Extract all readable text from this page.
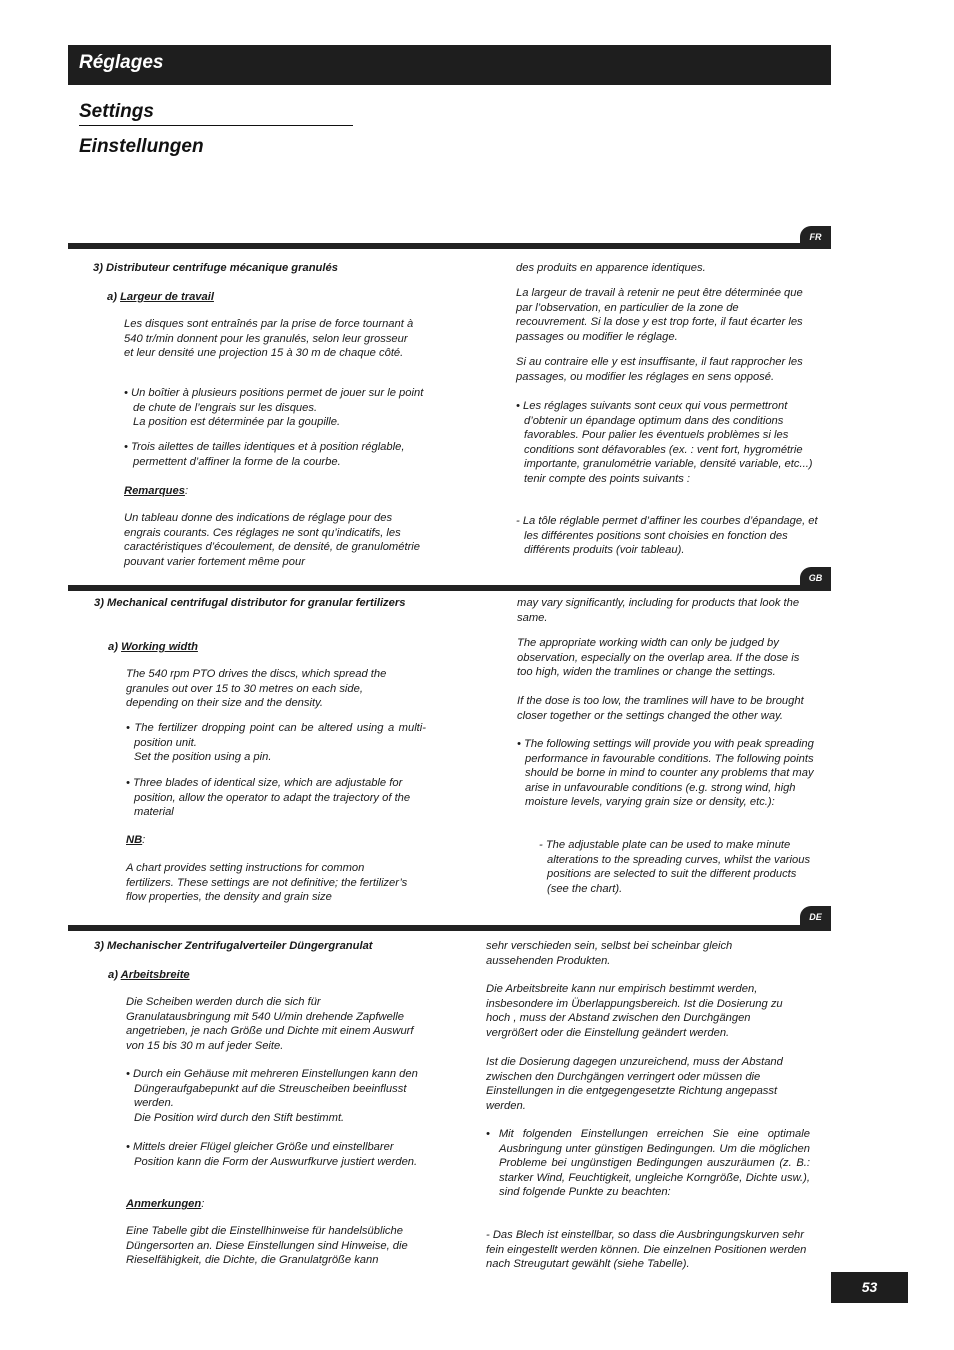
Réglages
Settings
Einstellungen
FR

3) Distributeur centrifuge mécanique granulés

a) Largeur de travail

Les disques sont entraînés par la prise de force tournant à 540 tr/min donnent pour les granulés, selon leur grosseur et leur densité une projection 15 à 30 m de chaque côté.

• Un boîtier à plusieurs positions permet de jouer sur le point de chute de l’engrais sur les disques.

La position est déterminée par la goupille.

• Trois ailettes de tailles identiques et à position réglable, permettent d’affiner la forme de la courbe.

Remarques:

Un tableau donne des indications de réglage pour des engrais courants. Ces réglages ne sont qu’indicatifs, les caractéristiques d’écoulement, de densité, de granulométrie pouvant varier fortement même pour

des produits en apparence identiques.

La largeur de travail à retenir ne peut être déterminée que par l’observation, en particulier de la zone de recouvrement. Si la dose y est trop forte, il faut écarter les passages ou modifier le réglage.

Si au contraire elle y est insuffisante, il faut rapprocher les passages, ou modifier les réglages en sens opposé.

• Les réglages suivants sont ceux qui vous permettront d’obtenir un épandage optimum dans des conditions favorables. Pour palier les éventuels problèmes si les conditions sont défavorables (ex. : vent fort, hygrométrie importante, granulométrie variable, densité variable, etc...) tenir compte des points suivants :

- La tôle réglable permet d’affiner les courbes d’épandage, et les différentes positions sont choisies en fonction des différents produits (voir tableau).

GB

3) Mechanical centrifugal distributor for granular fertilizers

a) Working width

The 540 rpm PTO drives the discs, which spread the granules out over 15 to 30 metres on each side, depending on their size and the density.

• The fertilizer dropping point can be altered using a multi-position unit.

Set the position using a pin.

• Three blades of identical size, which are adjustable for position, allow the operator to adapt the trajectory of the material

NB:

A chart provides setting instructions for common fertilizers. These settings are not definitive; the fertilizer’s flow properties, the density and grain size

may vary significantly, including for products that look the same.

The appropriate working width can only be judged by observation, especially on the overlap area. If the dose is too high, widen the tramlines or change the settings.

If the dose is too low, the tramlines will have to be brought closer together or the settings changed the other way.

• The following settings will provide you with peak spreading performance in favourable conditions. The following points should be borne in mind to counter any problems that may arise in unfavourable conditions (e.g. strong wind, high moisture levels, varying grain size or density, etc.):

- The adjustable plate can be used to make minute alterations to the spreading curves, whilst the various positions are selected to suit the different products (see the chart).

DE

3) Mechanischer Zentrifugalverteiler Düngergranulat

a) Arbeitsbreite

Die Scheiben werden durch die sich für Granulatausbringung mit 540 U/min drehende Zapfwelle angetrieben, je nach Größe und Dichte mit einem Auswurf von 15 bis 30 m auf jeder Seite.

• Durch ein Gehäuse mit mehreren Einstellungen kann den Düngeraufgabepunkt auf die Streuscheiben beeinflusst werden.

Die Position wird durch den Stift bestimmt.

• Mittels dreier Flügel gleicher Größe und einstellbarer Position kann die Form der Auswurfkurve justiert werden.

Anmerkungen:

Eine Tabelle gibt die Einstellhinweise für handelsübliche Düngersorten an. Diese Einstellungen sind Hinweise, die Rieselfähigkeit, die Dichte, die Granulatgröße kann

sehr verschieden sein, selbst bei scheinbar gleich aussehenden Produkten.

Die Arbeitsbreite kann nur empirisch bestimmt werden, insbesondere im Überlappungsbereich. Ist die Dosierung zu hoch , muss der Abstand zwischen den Durchgängen vergrößert oder die Einstellung geändert werden.

Ist die Dosierung dagegen unzureichend, muss der Abstand zwischen den Durchgängen verringert oder müssen die Einstellungen in die entgegengesetzte Richtung angepasst werden.

• Mit folgenden Einstellungen erreichen Sie eine optimale Ausbringung unter günstigen Bedingungen. Um die möglichen Probleme bei ungünstigen Bedingungen auszuräumen (z. B.: starker Wind, Feuchtigkeit, ungleiche Korngröße, Dichte usw.), sind folgende Punkte zu beachten:

- Das Blech ist einstellbar, so dass die Ausbringungskurven sehr fein eingestellt werden können. Die einzelnen Positionen werden nach Streugutart gewählt (siehe Tabelle).

53
